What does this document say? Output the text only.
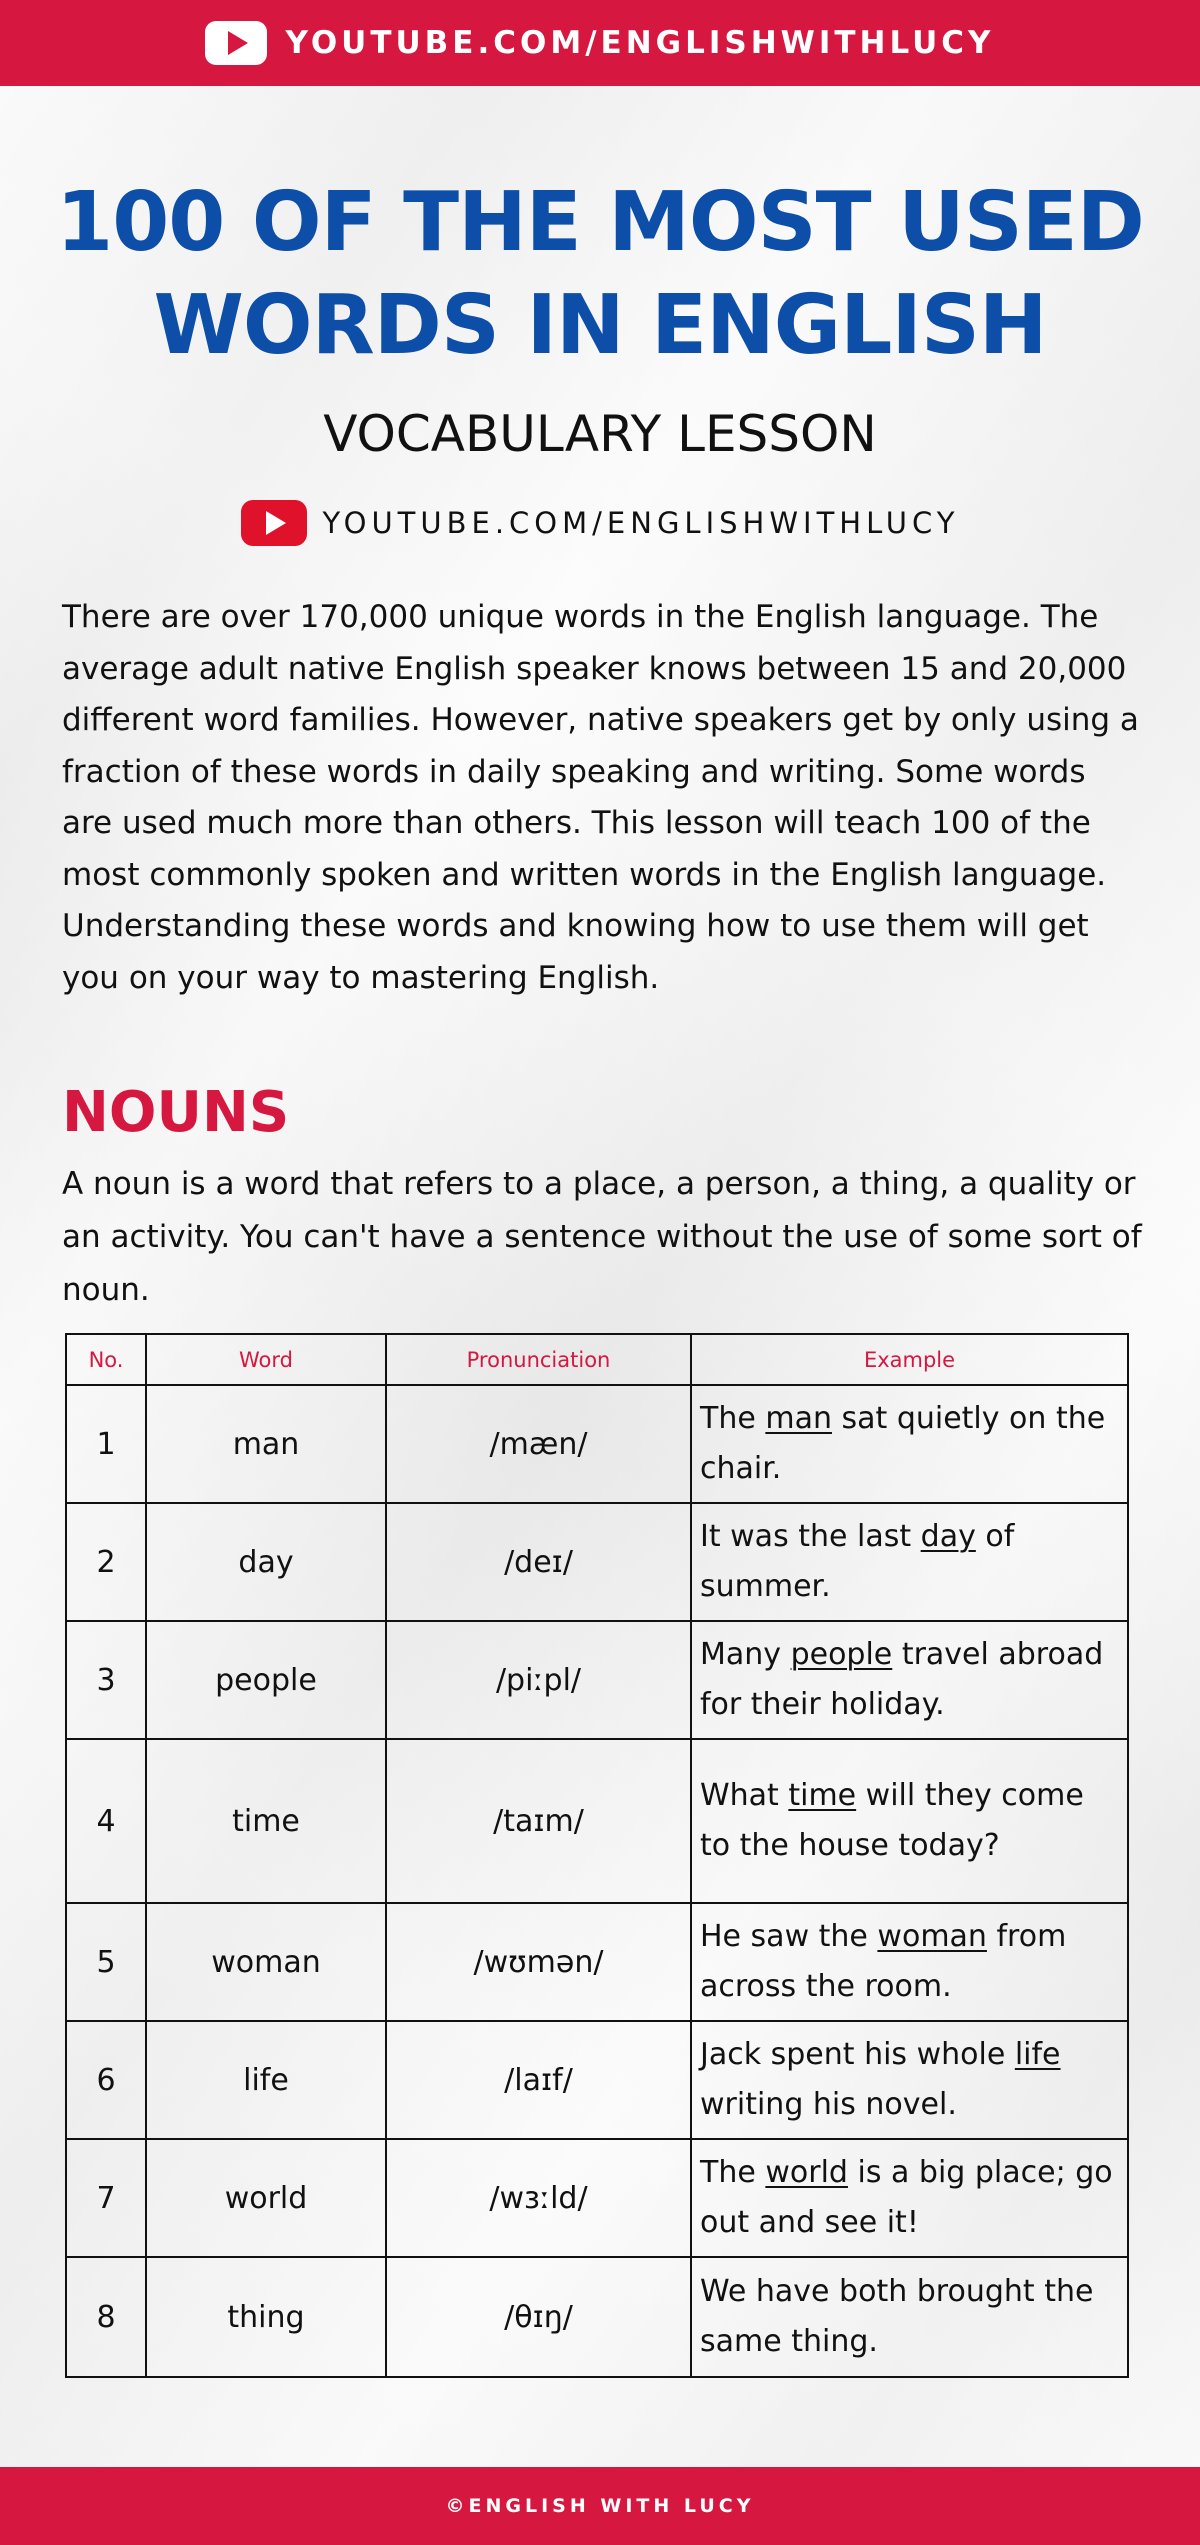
YOUTUBE.COM/ENGLISHWITHLUCY
100 OF THE MOST USED
WORDS IN ENGLISH
VOCABULARY LESSON
YOUTUBE.COM/ENGLISHWITHLUCY

There are over 170,000 unique words in the English language. The average adult native English speaker knows between 15 and 20,000 different word families. However, native speakers get by only using a fraction of these words in daily speaking and writing. Some words are used much more than others. This lesson will teach 100 of the most commonly spoken and written words in the English language. Understanding these words and knowing how to use them will get you on your way to mastering English.

NOUNS

A noun is a word that refers to a place, a person, a thing, a quality or an activity. You can't have a sentence without the use of some sort of noun.

No.	Word	Pronunciation	Example
1	man	/mæn/	The man sat quietly on the chair.
2	day	/deɪ/	It was the last day of summer.
3	people	/piːpl/	Many people travel abroad for their holiday.
4	time	/taɪm/	What time will they come to the house today?
5	woman	/wʊmən/	He saw the woman from across the room.
6	life	/laɪf/	Jack spent his whole life writing his novel.
7	world	/wɜːld/	The world is a big place; go out and see it!
8	thing	/θɪŋ/	We have both brought the same thing.
©ENGLISH WITH LUCY
